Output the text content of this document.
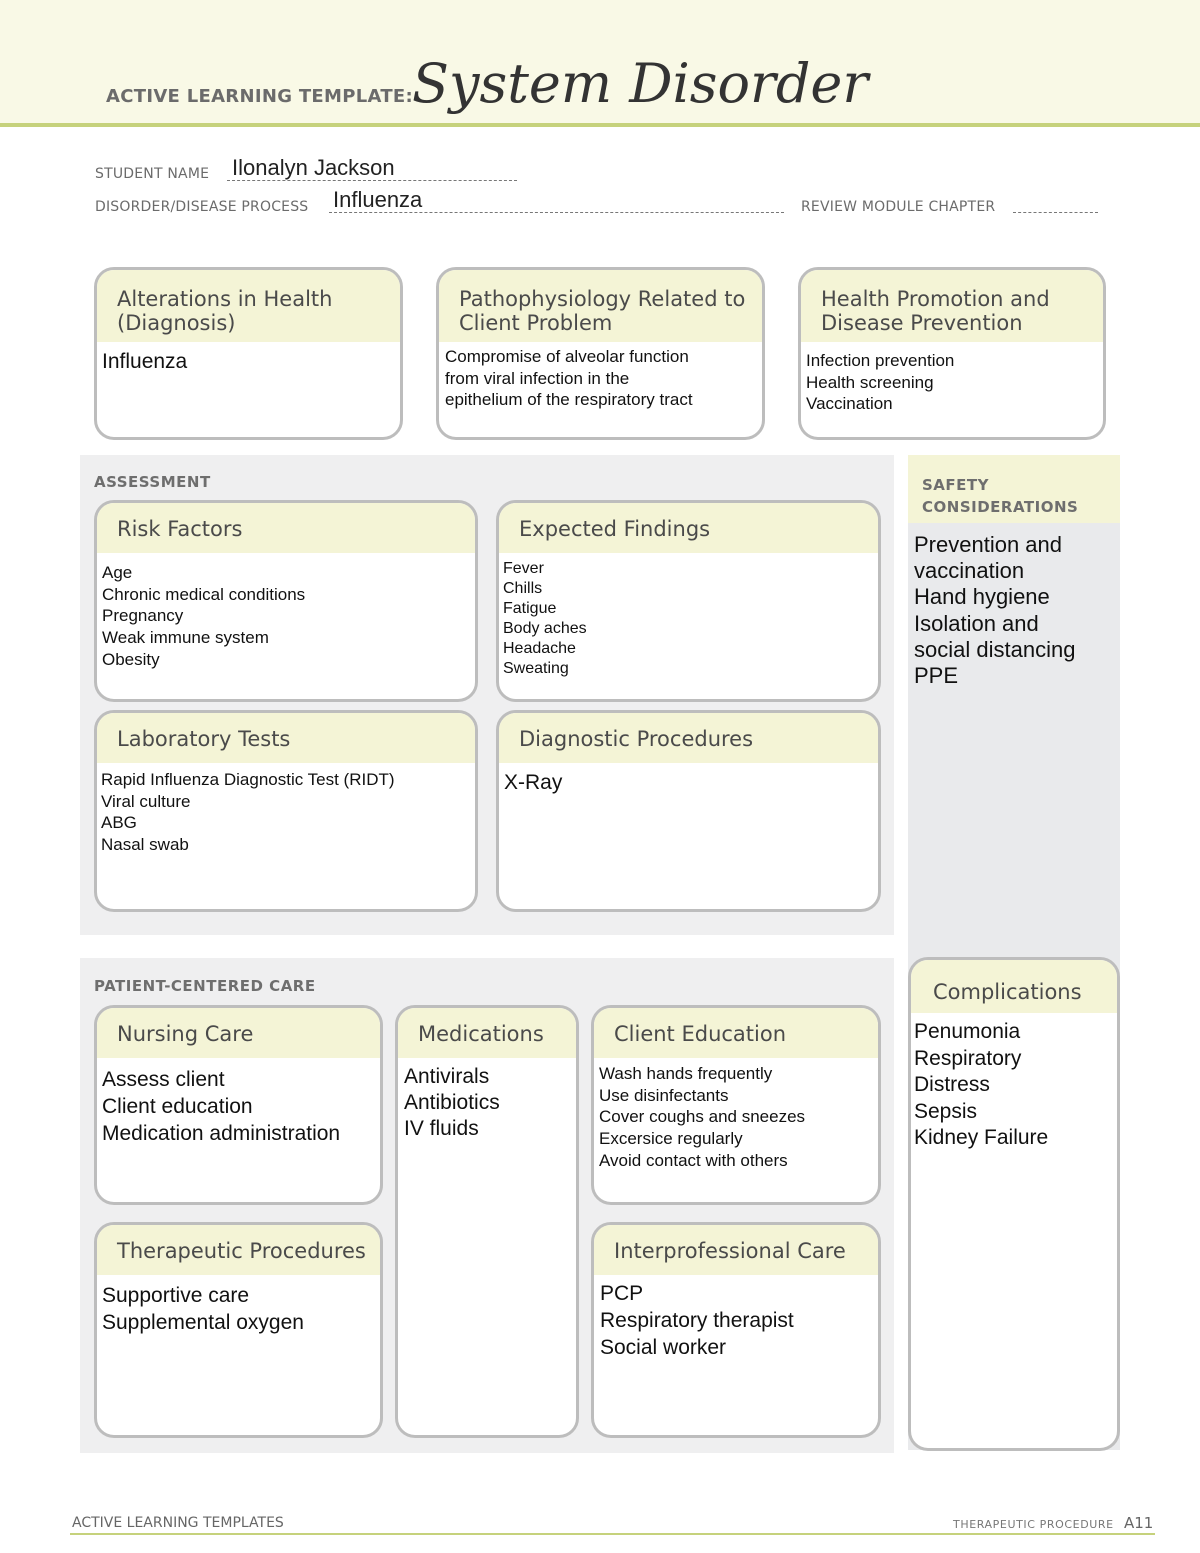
ACTIVE LEARNING TEMPLATE: System Disorder
STUDENT NAME Ilonalyn Jackson
DISORDER/DISEASE PROCESS Influenza	REVIEW MODULE CHAPTER
Alterations in Health (Diagnosis)
Influenza
Pathophysiology Related to Client Problem
Compromise of alveolar function
from viral infection in the
epithelium of the respiratory tract
Health Promotion and Disease Prevention
Infection prevention
Health screening
Vaccination
ASSESSMENT
Risk Factors
Age
Chronic medical conditions
Pregnancy
Weak immune system
Obesity
Expected Findings
Fever
Chills
Fatigue
Body aches
Headache
Sweating
Laboratory Tests
Rapid Influenza Diagnostic Test (RIDT)
Viral culture
ABG
Nasal swab
Diagnostic Procedures
X-Ray
SAFETY
CONSIDERATIONS
Prevention and
vaccination
Hand hygiene
Isolation and
social distancing
PPE
PATIENT-CENTERED CARE
Nursing Care
Assess client
Client education
Medication administration
Medications
Antivirals
Antibiotics
IV fluids
Client Education
Wash hands frequently
Use disinfectants
Cover coughs and sneezes
Excersice regularly
Avoid contact with others
Therapeutic Procedures
Supportive care
Supplemental oxygen
Interprofessional Care
PCP
Respiratory therapist
Social worker
Complications
Penumonia
Respiratory
Distress
Sepsis
Kidney Failure
ACTIVE LEARNING TEMPLATES	THERAPEUTIC PROCEDURE A11
